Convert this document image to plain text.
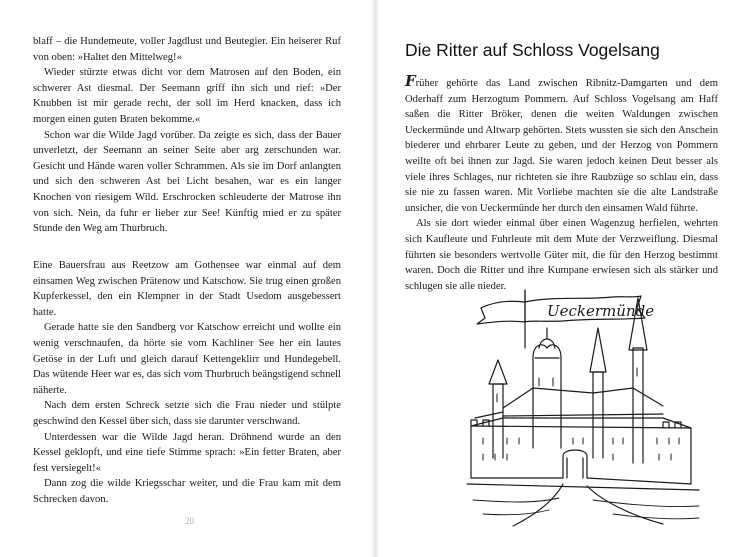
blaff – die Hundemeute, voller Jagdlust und Beutegier. Ein heiserer Ruf von oben: »Haltet den Mittelweg!«

Wieder stürzte etwas dicht vor dem Matrosen auf den Boden, ein schwerer Ast diesmal. Der Seemann griff ihn sich und rief: »Der Knubben ist mir gerade recht, der soll im Herd knacken, dass ich morgen einen guten Braten bekomme.«

Schon war die Wilde Jagd vorüber. Da zeigte es sich, dass der Bauer unverletzt, der Seemann an seiner Seite aber arg zerschunden war. Gesicht und Hände waren voller Schrammen. Als sie im Dorf anlangten und sich den schweren Ast bei Licht besahen, war es ein langer Knochen von riesigem Wild. Erschrocken schleuderte der Matrose ihn von sich. Nein, da fuhr er lieber zur See! Künftig mied er zu später Stunde den Weg am Thurbruch.

Eine Bauersfrau aus Reetzow am Gothensee war einmal auf dem einsamen Weg zwischen Prätenow und Katschow. Sie trug einen großen Kupferkessel, den ein Klempner in der Stadt Usedom ausgebessert hatte.

Gerade hatte sie den Sandberg vor Katschow erreicht und wollte ein wenig verschnaufen, da hörte sie vom Kachliner See her ein lautes Getöse in der Luft und gleich darauf Kettengeklirr und Hundegebell. Das wütende Heer war es, das sich vom Thurbruch beängstigend schnell näherte.

Nach dem ersten Schreck setzte sich die Frau nieder und stülpte geschwind den Kessel über sich, dass sie darunter verschwand.

Unterdessen war die Wilde Jagd heran. Dröhnend wurde an den Kessel geklopft, und eine tiefe Stimme sprach: »Ein fetter Braten, aber fest versiegelt!«

Dann zog die wilde Kriegsschar weiter, und die Frau kam mit dem Schrecken davon.

20
Die Ritter auf Schloss Vogelsang

Früher gehörte das Land zwischen Ribnitz-Damgarten und dem Oderhaff zum Herzogtum Pommern. Auf Schloss Vogelsang am Haff saßen die Ritter Bröker, denen die weiten Waldungen zwischen Ueckermünde und Altwarp gehörten. Stets wussten sie sich den Anschein biederer und ehrbarer Leute zu geben, und der Herzog von Pommern weilte oft bei ihnen zur Jagd. Sie waren jedoch keinen Deut besser als viele ihres Schlages, nur richteten sie ihre Raubzüge so schlau ein, dass sie nie zu fassen waren. Mit Vorliebe machten sie die alte Landstraße unsicher, die von Ueckermünde her durch den einsamen Wald führte.

Als sie dort wieder einmal über einen Wagenzug herfielen, wehrten sich Kaufleute und Fuhrleute mit dem Mute der Verzweiflung. Diesmal führten sie besonders wertvolle Güter mit, die für den Herzog bestimmt waren. Doch die Ritter und ihre Kumpane erwiesen sich als stärker und schlugen sie alle nieder.

Ueckermünde
